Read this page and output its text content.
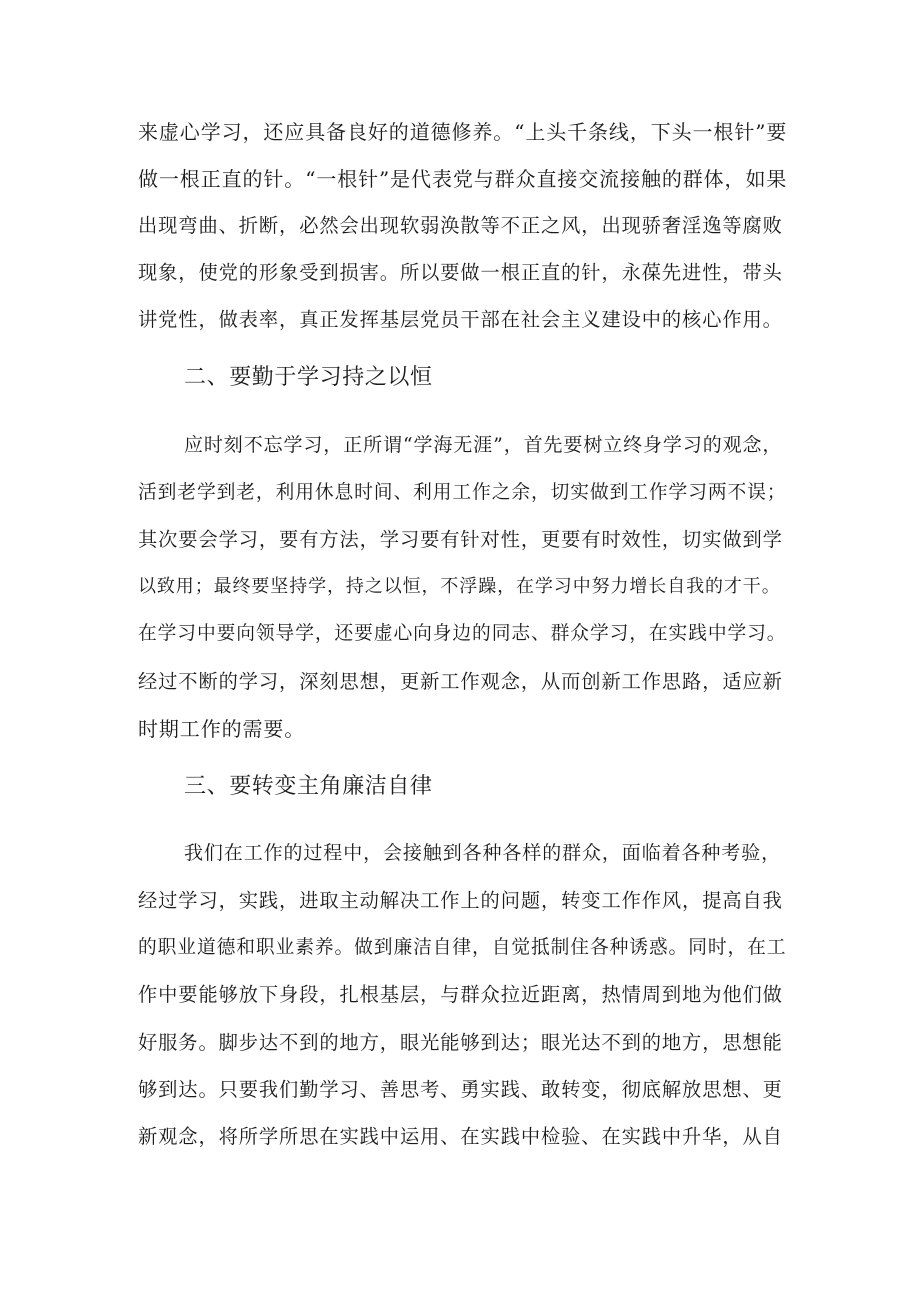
来虚心学习，还应具备良好的道德修养。“上头千条线，下头一根针”要
做一根正直的针。“一根针”是代表党与群众直接交流接触的群体，如果
出现弯曲、折断，必然会出现软弱涣散等不正之风，出现骄奢淫逸等腐败
现象，使党的形象受到损害。所以要做一根正直的针，永葆先进性，带头
讲党性，做表率，真正发挥基层党员干部在社会主义建设中的核心作用。
二、要勤于学习持之以恒
应时刻不忘学习，正所谓“学海无涯”，首先要树立终身学习的观念，
活到老学到老，利用休息时间、利用工作之余，切实做到工作学习两不误；
其次要会学习，要有方法，学习要有针对性，更要有时效性，切实做到学
以致用；最终要坚持学，持之以恒，不浮躁，在学习中努力增长自我的才干。
在学习中要向领导学，还要虚心向身边的同志、群众学习，在实践中学习。
经过不断的学习，深刻思想，更新工作观念，从而创新工作思路，适应新
时期工作的需要。
三、要转变主角廉洁自律
我们在工作的过程中，会接触到各种各样的群众，面临着各种考验，
经过学习，实践，进取主动解决工作上的问题，转变工作作风，提高自我
的职业道德和职业素养。做到廉洁自律，自觉抵制住各种诱惑。同时，在工
作中要能够放下身段，扎根基层，与群众拉近距离，热情周到地为他们做
好服务。脚步达不到的地方，眼光能够到达；眼光达不到的地方，思想能
够到达。只要我们勤学习、善思考、勇实践、敢转变，彻底解放思想、更
新观念，将所学所思在实践中运用、在实践中检验、在实践中升华，从自
